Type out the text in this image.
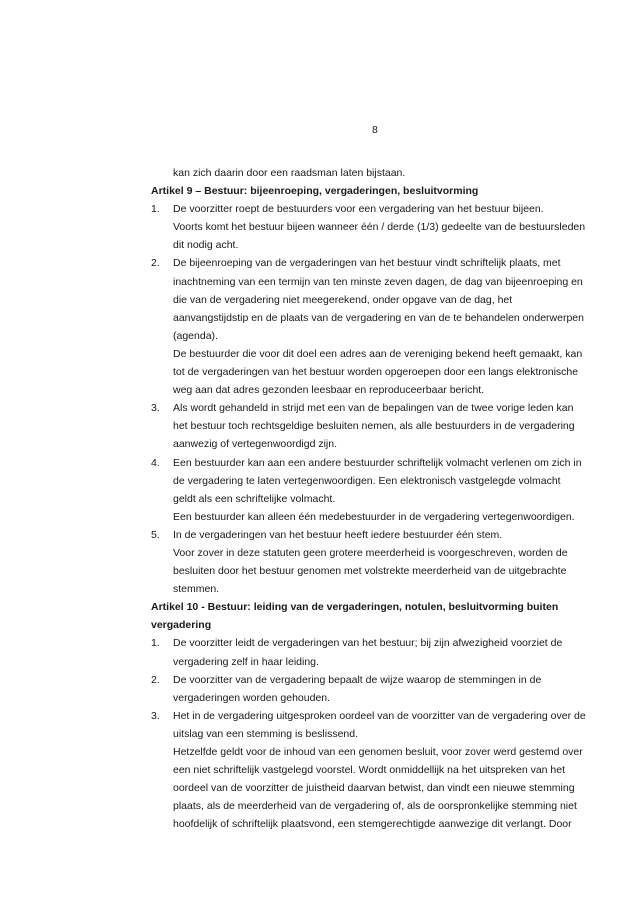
8
kan zich daarin door een raadsman laten bijstaan.
Artikel 9 – Bestuur: bijeenroeping, vergaderingen, besluitvorming
1. De voorzitter roept de bestuurders voor een vergadering van het bestuur bijeen.
Voorts komt het bestuur bijeen wanneer één / derde (1/3) gedeelte van de bestuursleden
dit nodig acht.
2. De bijeenroeping van de vergaderingen van het bestuur vindt schriftelijk plaats, met
inachtneming van een termijn van ten minste zeven dagen, de dag van bijeenroeping en
die van de vergadering niet meegerekend, onder opgave van de dag, het
aanvangstijdstip en de plaats van de vergadering en van de te behandelen onderwerpen
(agenda).
De bestuurder die voor dit doel een adres aan de vereniging bekend heeft gemaakt, kan
tot de vergaderingen van het bestuur worden opgeroepen door een langs elektronische
weg aan dat adres gezonden leesbaar en reproduceerbaar bericht.
3. Als wordt gehandeld in strijd met een van de bepalingen van de twee vorige leden kan
het bestuur toch rechtsgeldige besluiten nemen, als alle bestuurders in de vergadering
aanwezig of vertegenwoordigd zijn.
4. Een bestuurder kan aan een andere bestuurder schriftelijk volmacht verlenen om zich in
de vergadering te laten vertegenwoordigen. Een elektronisch vastgelegde volmacht
geldt als een schriftelijke volmacht.
Een bestuurder kan alleen één medebestuurder in de vergadering vertegenwoordigen.
5. In de vergaderingen van het bestuur heeft iedere bestuurder één stem.
Voor zover in deze statuten geen grotere meerderheid is voorgeschreven, worden de
besluiten door het bestuur genomen met volstrekte meerderheid van de uitgebrachte
stemmen.
Artikel 10 - Bestuur: leiding van de vergaderingen, notulen, besluitvorming buiten
vergadering
1. De voorzitter leidt de vergaderingen van het bestuur; bij zijn afwezigheid voorziet de
vergadering zelf in haar leiding.
2. De voorzitter van de vergadering bepaalt de wijze waarop de stemmingen in de
vergaderingen worden gehouden.
3. Het in de vergadering uitgesproken oordeel van de voorzitter van de vergadering over de
uitslag van een stemming is beslissend.
Hetzelfde geldt voor de inhoud van een genomen besluit, voor zover werd gestemd over
een niet schriftelijk vastgelegd voorstel. Wordt onmiddellijk na het uitspreken van het
oordeel van de voorzitter de juistheid daarvan betwist, dan vindt een nieuwe stemming
plaats, als de meerderheid van de vergadering of, als de oorspronkelijke stemming niet
hoofdelijk of schriftelijk plaatsvond, een stemgerechtigde aanwezige dit verlangt. Door
